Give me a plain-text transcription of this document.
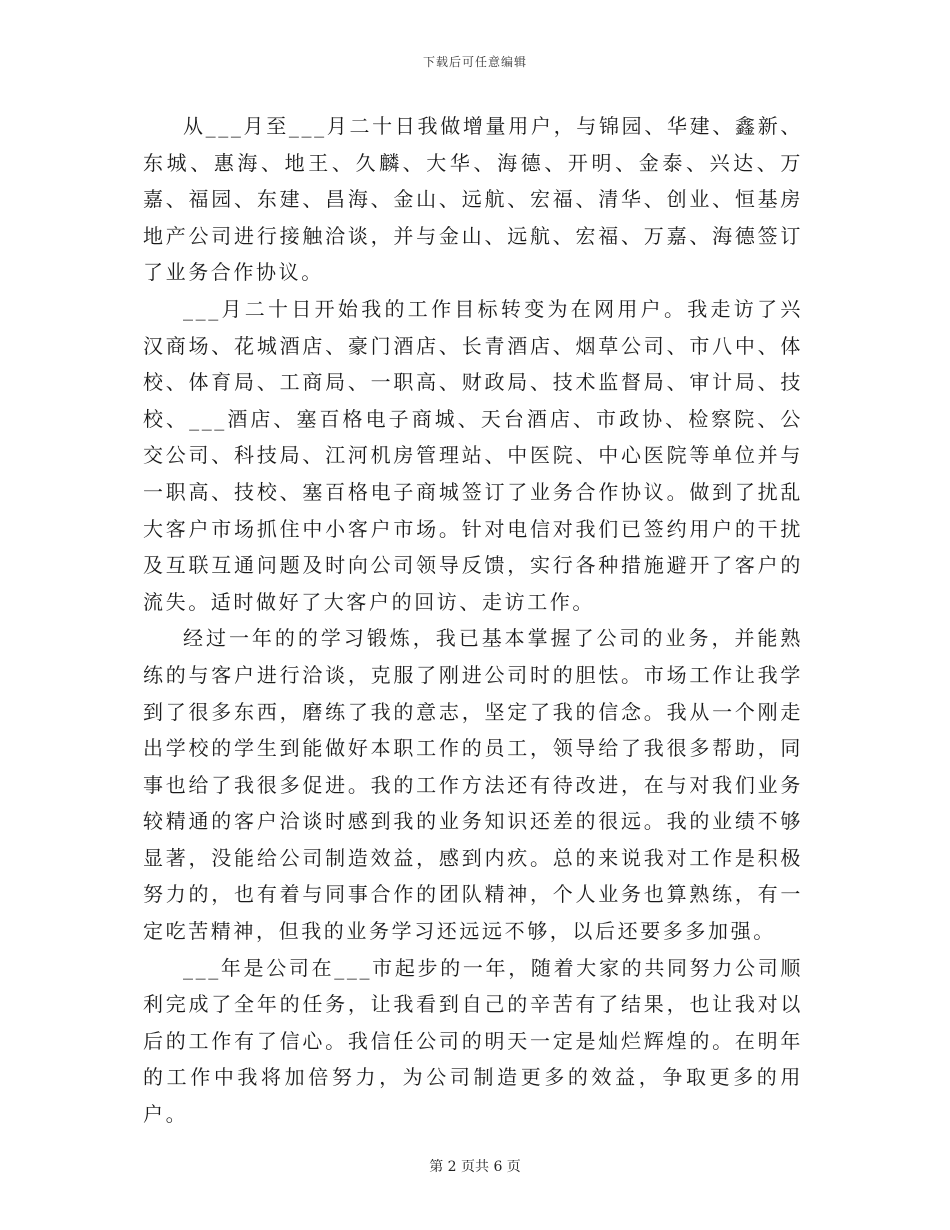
下载后可任意编辑

从___月至___月二十日我做增量用户，与锦园、华建、鑫新、东城、惠海、地王、久麟、大华、海德、开明、金泰、兴达、万嘉、福园、东建、昌海、金山、远航、宏福、清华、创业、恒基房地产公司进行接触洽谈，并与金山、远航、宏福、万嘉、海德签订了业务合作协议。

___月二十日开始我的工作目标转变为在网用户。我走访了兴汉商场、花城酒店、豪门酒店、长青酒店、烟草公司、市八中、体校、体育局、工商局、一职高、财政局、技术监督局、审计局、技校、___酒店、塞百格电子商城、天台酒店、市政协、检察院、公交公司、科技局、江河机房管理站、中医院、中心医院等单位并与一职高、技校、塞百格电子商城签订了业务合作协议。做到了扰乱大客户市场抓住中小客户市场。针对电信对我们已签约用户的干扰及互联互通问题及时向公司领导反馈，实行各种措施避开了客户的流失。适时做好了大客户的回访、走访工作。

经过一年的的学习锻炼，我已基本掌握了公司的业务，并能熟练的与客户进行洽谈，克服了刚进公司时的胆怯。市场工作让我学到了很多东西，磨练了我的意志，坚定了我的信念。我从一个刚走出学校的学生到能做好本职工作的员工，领导给了我很多帮助，同事也给了我很多促进。我的工作方法还有待改进，在与对我们业务较精通的客户洽谈时感到我的业务知识还差的很远。我的业绩不够显著，没能给公司制造效益，感到内疚。总的来说我对工作是积极努力的，也有着与同事合作的团队精神，个人业务也算熟练，有一定吃苦精神，但我的业务学习还远远不够，以后还要多多加强。

___年是公司在___市起步的一年，随着大家的共同努力公司顺利完成了全年的任务，让我看到自己的辛苦有了结果，也让我对以后的工作有了信心。我信任公司的明天一定是灿烂辉煌的。在明年的工作中我将加倍努力，为公司制造更多的效益，争取更多的用户。

第 2 页共 6 页
